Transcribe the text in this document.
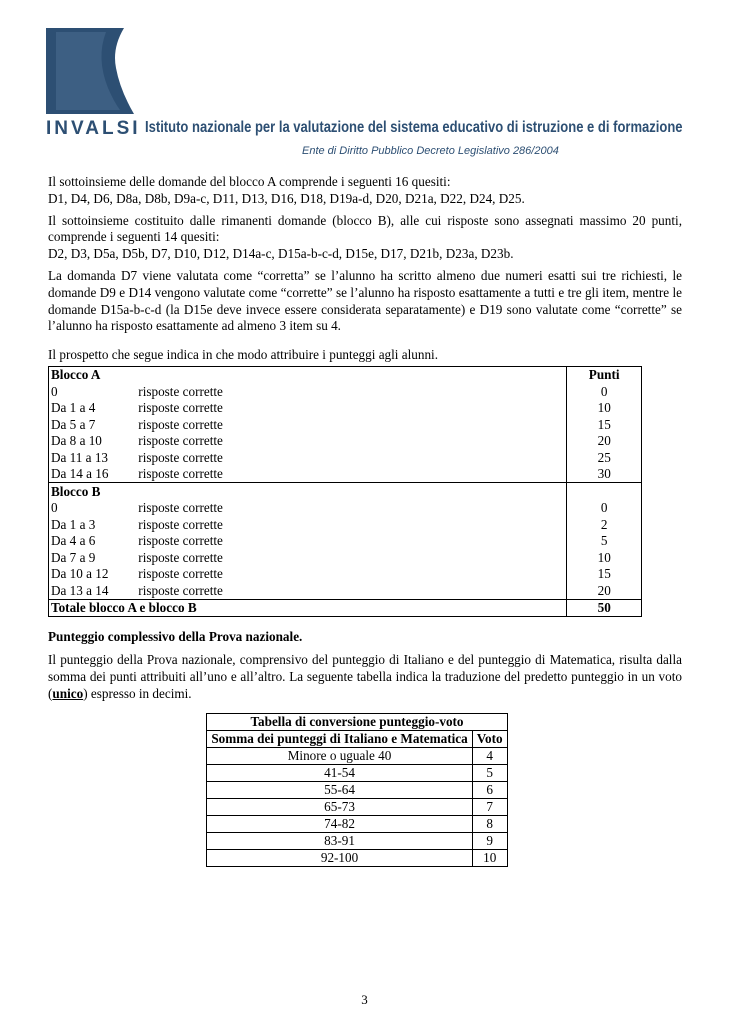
INVALSI Istituto nazionale per la valutazione del sistema educativo di istruzione e di formazione
Ente di Diritto Pubblico Decreto Legislativo 286/2004

Il sottoinsieme delle domande del blocco A comprende i seguenti 16 quesiti:
D1, D4, D6, D8a, D8b, D9a-c, D11, D13, D16, D18, D19a-d, D20, D21a, D22, D24, D25.

Il sottoinsieme costituito dalle rimanenti domande (blocco B), alle cui risposte sono assegnati massimo 20 punti, comprende i seguenti 14 quesiti:
D2, D3, D5a, D5b, D7, D10, D12, D14a-c, D15a-b-c-d, D15e, D17, D21b, D23a, D23b.

La domanda D7 viene valutata come “corretta” se l’alunno ha scritto almeno due numeri esatti sui tre richiesti, le domande D9 e D14 vengono valutate come “corrette” se l’alunno ha risposto esattamente a tutti e tre gli item, mentre le domande D15a-b-c-d (la D15e deve invece essere considerata separatamente) e D19 sono valutate come “corrette” se l’alunno ha risposto esattamente ad almeno 3 item su 4.

Il prospetto che segue indica in che modo attribuire i punteggi agli alunni.

Blocco A		Punti
0	risposte corrette	0
Da 1 a 4	risposte corrette	10
Da 5 a 7	risposte corrette	15
Da 8 a 10	risposte corrette	20
Da 11 a 13	risposte corrette	25
Da 14 a 16	risposte corrette	30
Blocco B		
0	risposte corrette	0
Da 1 a 3	risposte corrette	2
Da 4 a 6	risposte corrette	5
Da 7 a 9	risposte corrette	10
Da 10 a 12	risposte corrette	15
Da 13 a 14	risposte corrette	20
Totale blocco A e blocco B		50

Punteggio complessivo della Prova nazionale.

Il punteggio della Prova nazionale, comprensivo del punteggio di Italiano e del punteggio di Matematica, risulta dalla somma dei punti attribuiti all’uno e all’altro. La seguente tabella indica la traduzione del predetto punteggio in un voto (unico) espresso in decimi.

Tabella di conversione punteggio-voto	
Somma dei punteggi di Italiano e Matematica	Voto
Minore o uguale 40	4
41-54	5
55-64	6
65-73	7
74-82	8
83-91	9
92-100	10
3
